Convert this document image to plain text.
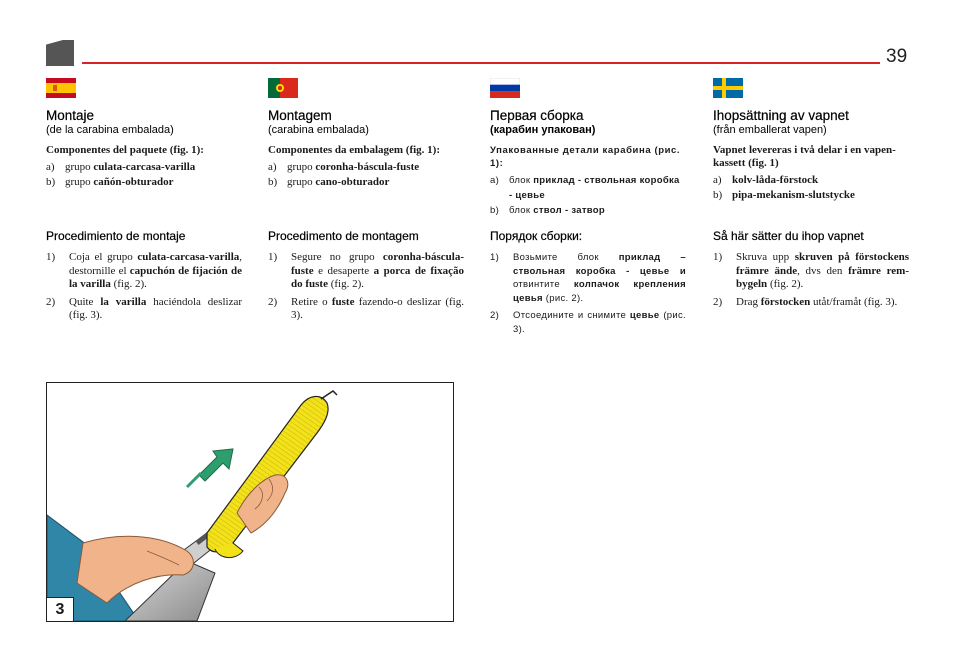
39
Montaje
(de la carabina embalada)
Componentes del paquete (fig. 1):
a) grupo culata-carcasa-varilla
b) grupo cañón-obturador
Procedimiento de montaje
1)	Coja el grupo culata-carcasa-varilla, destornille el capuchón de fijación de la varilla (fig. 2).
2)	Quite la varilla haciéndola deslizar (fig. 3).
Montagem
(carabina embalada)
Componentes da embalagem (fig. 1):
a) grupo coronha-báscula-fuste
b) grupo cano-obturador
Procedimento de montagem
1)	Segure no grupo coronha-báscula-fuste e desaperte a porca de fixação do fuste (fig. 2).
2)	Retire o fuste fazendo-o deslizar (fig. 3).
Первая сборка
(карабин упакован)
Упакованные детали карабина (рис. 1):
a)	блок приклад - ствольная коробка - цевье
b)	блок ствол - затвор
Порядок сборки:
1)	Возьмите блок приклад – ствольная коробка - цевье и отвинтите колпачок крепления цевья (рис. 2).
2)	Отсоедините и снимите цевье (рис. 3).
Ihopsättning av vapnet
(från emballerat vapen)
Vapnet levereras i två delar i en vapen-kassett (fig. 1)
a) kolv-låda-förstock
b) pipa-mekanism-slutstycke
Så här sätter du ihop vapnet
1)	Skruva upp skruven på förstockens främre ände, dvs den främre rem-bygeln (fig. 2).
2)	Drag förstocken utåt/framåt (fig. 3).
3
